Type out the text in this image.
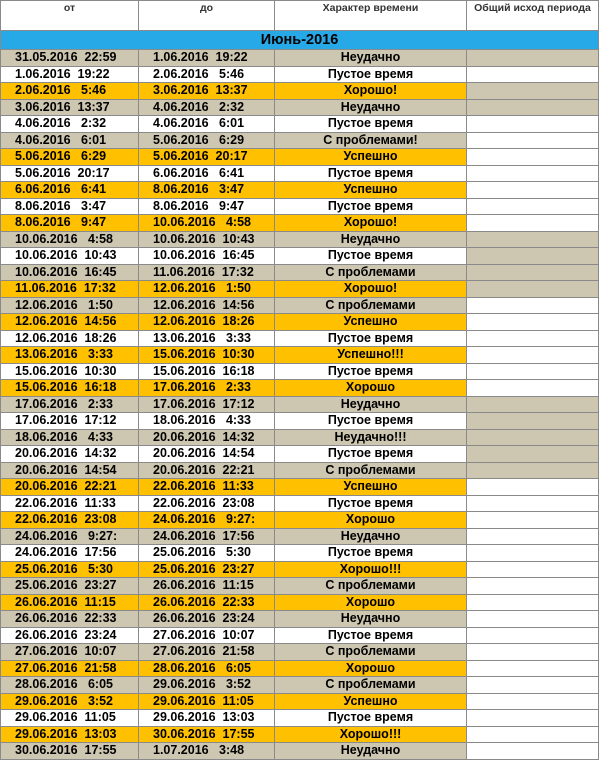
от	до	Характер времени	Общий исход периода
Июнь-2016			
31.05.2016  22:59	1.06.2016  19:22	Неудачно	
1.06.2016  19:22	2.06.2016   5:46	Пустое время	
2.06.2016   5:46	3.06.2016  13:37	Хорошо!	
3.06.2016  13:37	4.06.2016   2:32	Неудачно	
4.06.2016   2:32	4.06.2016   6:01	Пустое время	
4.06.2016   6:01	5.06.2016   6:29	С проблемами!	
5.06.2016   6:29	5.06.2016  20:17	Успешно	
5.06.2016  20:17	6.06.2016   6:41	Пустое время	
6.06.2016   6:41	8.06.2016   3:47	Успешно	
8.06.2016   3:47	8.06.2016   9:47	Пустое время	
8.06.2016   9:47	10.06.2016   4:58	Хорошо!	
10.06.2016   4:58	10.06.2016  10:43	Неудачно	
10.06.2016  10:43	10.06.2016  16:45	Пустое время	
10.06.2016  16:45	11.06.2016  17:32	С проблемами	
11.06.2016  17:32	12.06.2016   1:50	Хорошо!	
12.06.2016   1:50	12.06.2016  14:56	С проблемами	
12.06.2016  14:56	12.06.2016  18:26	Успешно	
12.06.2016  18:26	13.06.2016   3:33	Пустое время	
13.06.2016   3:33	15.06.2016  10:30	Успешно!!!	
15.06.2016  10:30	15.06.2016  16:18	Пустое время	
15.06.2016  16:18	17.06.2016   2:33	Хорошо	
17.06.2016   2:33	17.06.2016  17:12	Неудачно	
17.06.2016  17:12	18.06.2016   4:33	Пустое время	
18.06.2016   4:33	20.06.2016  14:32	Неудачно!!!	
20.06.2016  14:32	20.06.2016  14:54	Пустое время	
20.06.2016  14:54	20.06.2016  22:21	С проблемами	
20.06.2016  22:21	22.06.2016  11:33	Успешно	
22.06.2016  11:33	22.06.2016  23:08	Пустое время	
22.06.2016  23:08	24.06.2016   9:27:	Хорошо	
24.06.2016   9:27:	24.06.2016  17:56	Неудачно	
24.06.2016  17:56	25.06.2016   5:30	Пустое время	
25.06.2016   5:30	25.06.2016  23:27	Хорошо!!!	
25.06.2016  23:27	26.06.2016  11:15	С проблемами	
26.06.2016  11:15	26.06.2016  22:33	Хорошо	
26.06.2016  22:33	26.06.2016  23:24	Неудачно	
26.06.2016  23:24	27.06.2016  10:07	Пустое время	
27.06.2016  10:07	27.06.2016  21:58	С проблемами	
27.06.2016  21:58	28.06.2016   6:05	Хорошо	
28.06.2016   6:05	29.06.2016   3:52	С проблемами	
29.06.2016   3:52	29.06.2016  11:05	Успешно	
29.06.2016  11:05	29.06.2016  13:03	Пустое время	
29.06.2016  13:03	30.06.2016  17:55	Хорошо!!!	
30.06.2016  17:55	1.07.2016   3:48	Неудачно	
